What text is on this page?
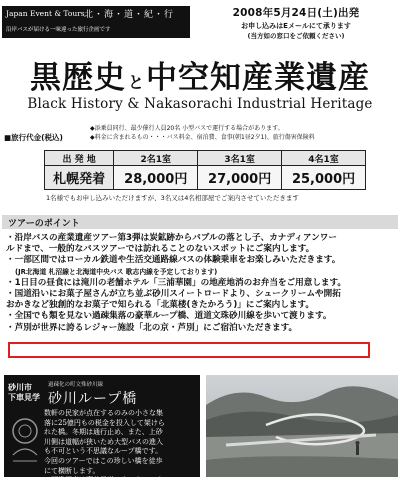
Japan Event & Tours 北・海・道・紀・行
沿岸バスが届ける一味違った旅行企画です
2008年5月24日(土)出発
お申し込みはEメールにて承ります
(当方如の窓口をご依頼ください)
黒歴史 と中空知産業遺産
Black History & Nakasorachi Industrial Heritage
■旅行代金(税込)
◆添乗員同行、最少催行人員20名 小型バスで運行する場合があります。
◆料金に含まれるもの・・・バス料金、宿泊費、食事(朝1昼2夕1)、旅行傷害保険料
出 発 地	2名1室	3名1室	4名1室
札幌発着	28,000円	27,000円	25,000円
1名様でもお申し込みいただけますが、3名又は4名相部屋でご案内させていただきます
ツアーのポイント
・沿岸バスの産業遺産ツアー第3弾は炭鉱跡からバブルの落とし子、カナディアンワー
ルドまで、一般的なバスツアーでは訪れることのないスポットにご案内します。
・一部区間ではローカル鉄道や生活交通路線バスの体験乗車をお楽しみいただきます。
(JR北海道 札沼線と北海道中央バス 歌志内線を予定しております)
・1日目の昼食には滝川の老舗ホテル「三浦華園」の地産地消のお弁当をご用意します。
・国道沿いにお菓子屋さんが立ち並ぶ砂川スイートロードより、シュークリームや開拓
おかきなど独創的なお菓子で知られる「北菓楼(きたかろう)」にご案内します。
・全国でも類を見ない過疎集落の豪華ループ橋、道道文珠砂川線を歩いて渡ります。
・芦別が世界に誇るレジャー施設「北の京・芦別」にご宿泊いただきます。
砂川市
下車見学
過疎化の町文殊砂川線
砂川ループ橋
数軒の民家が点在するのみの小さな集
落に25億円もの税金を投入して架けら
れた橋。冬期は通行止め、また、上砂
川側は道幅が狭いため大型バスの進入
も不可という不思議なループ橋です。
今回のツアーではこの珍しい橋を徒歩
にて横断します。
※画像写真は事前見学によるものです。
